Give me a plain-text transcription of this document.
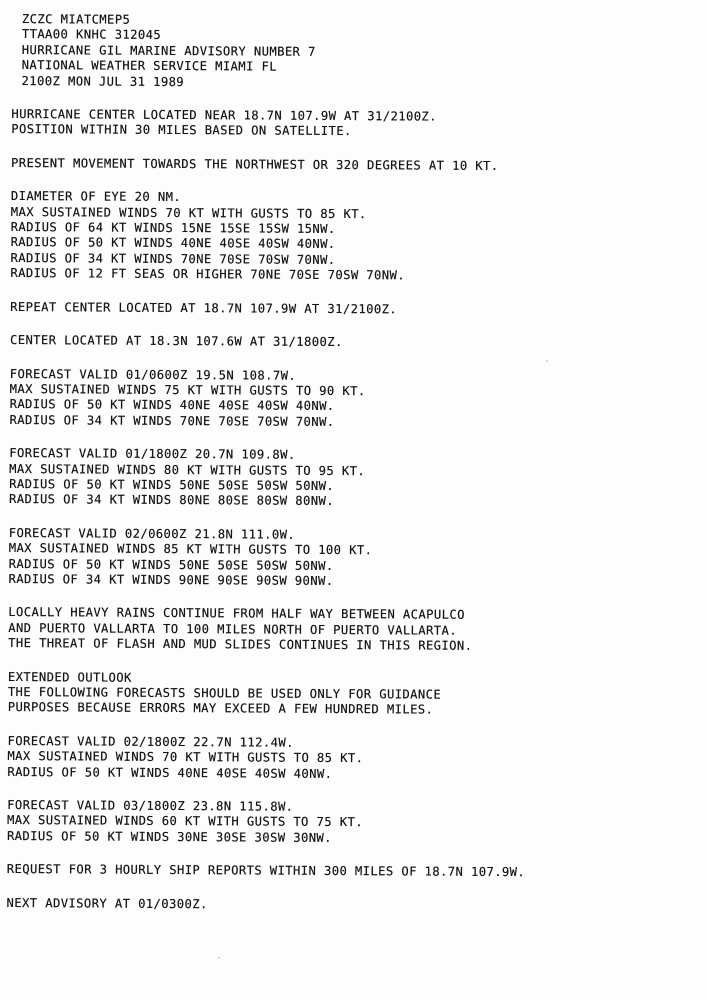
ZCZC MIATCMEP5
TTAA00 KNHC 312045
HURRICANE GIL MARINE ADVISORY NUMBER 7
NATIONAL WEATHER SERVICE MIAMI FL
2100Z MON JUL 31 1989
HURRICANE CENTER LOCATED NEAR 18.7N 107.9W AT 31/2100Z.
POSITION WITHIN 30 MILES BASED ON SATELLITE.
PRESENT MOVEMENT TOWARDS THE NORTHWEST OR 320 DEGREES AT 10 KT.
DIAMETER OF EYE 20 NM.
MAX SUSTAINED WINDS 70 KT WITH GUSTS TO 85 KT.
RADIUS OF 64 KT WINDS 15NE 15SE 15SW 15NW.
RADIUS OF 50 KT WINDS 40NE 40SE 40SW 40NW.
RADIUS OF 34 KT WINDS 70NE 70SE 70SW 70NW.
RADIUS OF 12 FT SEAS OR HIGHER 70NE 70SE 70SW 70NW.
REPEAT CENTER LOCATED AT 18.7N 107.9W AT 31/2100Z.
CENTER LOCATED AT 18.3N 107.6W AT 31/1800Z.
FORECAST VALID 01/0600Z 19.5N 108.7W.
MAX SUSTAINED WINDS 75 KT WITH GUSTS TO 90 KT.
RADIUS OF 50 KT WINDS 40NE 40SE 40SW 40NW.
RADIUS OF 34 KT WINDS 70NE 70SE 70SW 70NW.
FORECAST VALID 01/1800Z 20.7N 109.8W.
MAX SUSTAINED WINDS 80 KT WITH GUSTS TO 95 KT.
RADIUS OF 50 KT WINDS 50NE 50SE 50SW 50NW.
RADIUS OF 34 KT WINDS 80NE 80SE 80SW 80NW.
FORECAST VALID 02/0600Z 21.8N 111.0W.
MAX SUSTAINED WINDS 85 KT WITH GUSTS TO 100 KT.
RADIUS OF 50 KT WINDS 50NE 50SE 50SW 50NW.
RADIUS OF 34 KT WINDS 90NE 90SE 90SW 90NW.
LOCALLY HEAVY RAINS CONTINUE FROM HALF WAY BETWEEN ACAPULCO
AND PUERTO VALLARTA TO 100 MILES NORTH OF PUERTO VALLARTA.
THE THREAT OF FLASH AND MUD SLIDES CONTINUES IN THIS REGION.
EXTENDED OUTLOOK
THE FOLLOWING FORECASTS SHOULD BE USED ONLY FOR GUIDANCE
PURPOSES BECAUSE ERRORS MAY EXCEED A FEW HUNDRED MILES.
FORECAST VALID 02/1800Z 22.7N 112.4W.
MAX SUSTAINED WINDS 70 KT WITH GUSTS TO 85 KT.
RADIUS OF 50 KT WINDS 40NE 40SE 40SW 40NW.
FORECAST VALID 03/1800Z 23.8N 115.8W.
MAX SUSTAINED WINDS 60 KT WITH GUSTS TO 75 KT.
RADIUS OF 50 KT WINDS 30NE 30SE 30SW 30NW.
REQUEST FOR 3 HOURLY SHIP REPORTS WITHIN 300 MILES OF 18.7N 107.9W.
NEXT ADVISORY AT 01/0300Z.
